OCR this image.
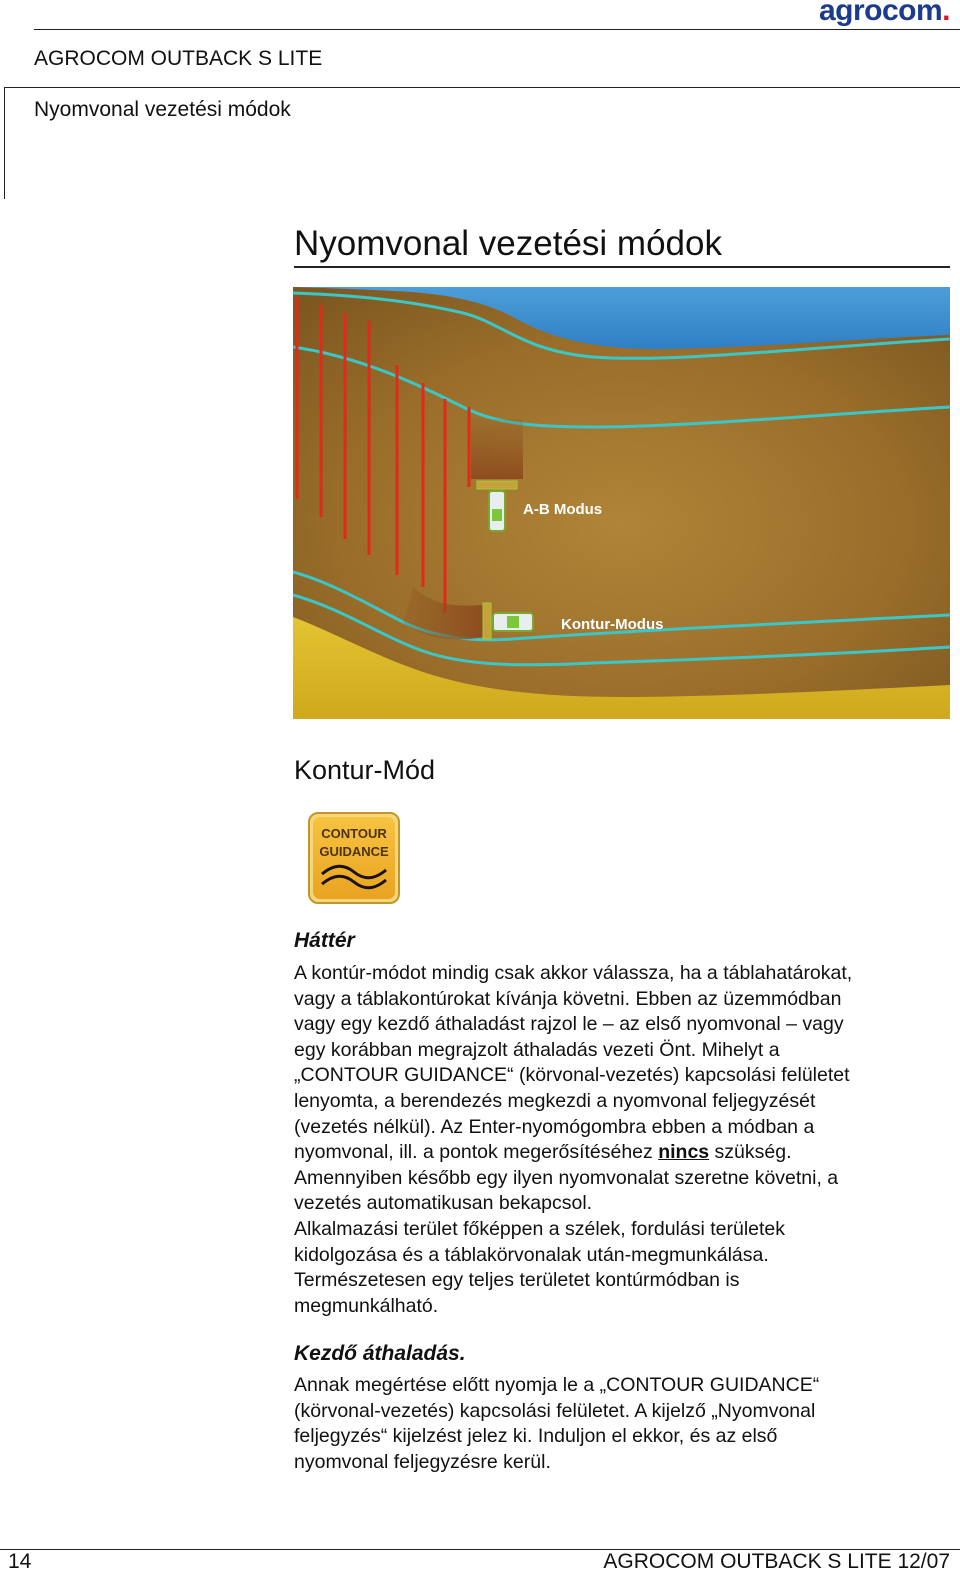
agrocom.
AGROCOM OUTBACK S LITE
Nyomvonal vezetési módok
Nyomvonal vezetési módok
A-B Modus
Kontur-Modus
Kontur-Mód
CONTOUR
GUIDANCE
Háttér

A kontúr-módot mindig csak akkor válassza, ha a táblahatárokat,
vagy a táblakontúrokat kívánja követni. Ebben az üzemmódban
vagy egy kezdő áthaladást rajzol le – az első nyomvonal – vagy
egy korábban megrajzolt áthaladás vezeti Önt. Mihelyt a
„CONTOUR GUIDANCE“ (körvonal-vezetés) kapcsolási felületet
lenyomta, a berendezés megkezdi a nyomvonal feljegyzését
(vezetés nélkül). Az Enter-nyomógombra ebben a módban a
nyomvonal, ill. a pontok megerősítéséhez nincs szükség.
Amennyiben később egy ilyen nyomvonalat szeretne követni, a
vezetés automatikusan bekapcsol.
Alkalmazási terület főképpen a szélek, fordulási területek
kidolgozása és a táblakörvonalak után-megmunkálása.
Természetesen egy teljes területet kontúrmódban is
megmunkálható.

Kezdő áthaladás.

Annak megértése előtt nyomja le a „CONTOUR GUIDANCE“
(körvonal-vezetés) kapcsolási felületet. A kijelző „Nyomvonal
feljegyzés“ kijelzést jelez ki. Induljon el ekkor, és az első
nyomvonal feljegyzésre kerül.

14	AGROCOM OUTBACK S LITE 12/07
